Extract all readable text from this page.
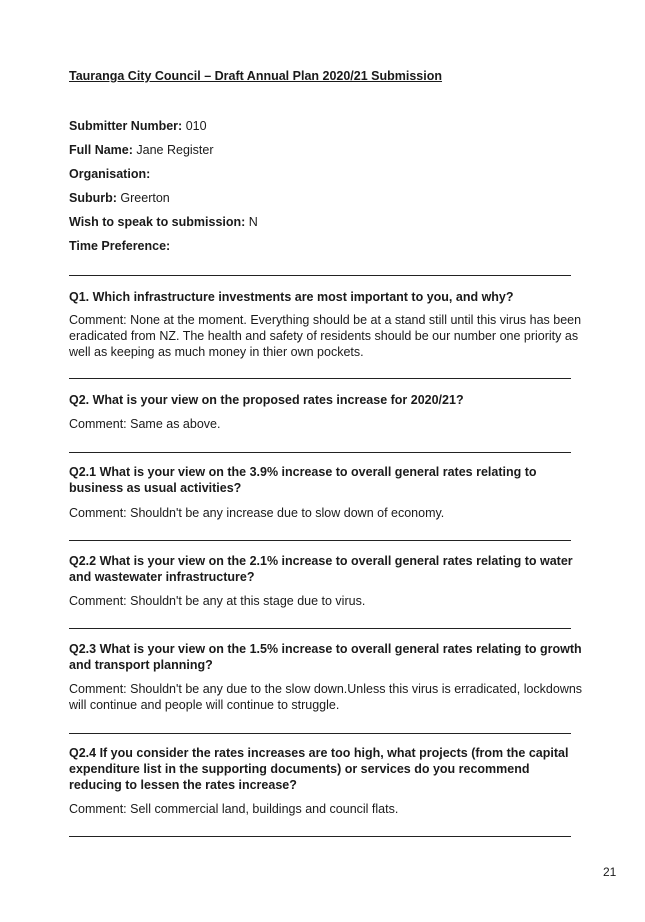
Tauranga City Council – Draft Annual Plan 2020/21 Submission
Submitter Number: 010
Full Name: Jane Register
Organisation:
Suburb: Greerton
Wish to speak to submission: N
Time Preference:
Q1. Which infrastructure investments are most important to you, and why?
Comment: None at the moment. Everything should be at a stand still until this virus has been eradicated from NZ. The health and safety of residents should be our number one priority as well as keeping as much money in thier own pockets.
Q2. What is your view on the proposed rates increase for 2020/21?
Comment: Same as above.
Q2.1 What is your view on the 3.9% increase to overall general rates relating to business as usual activities?
Comment: Shouldn't be any increase due to slow down of economy.
Q2.2 What is your view on the 2.1% increase to overall general rates relating to water and wastewater infrastructure?
Comment: Shouldn't be any at this stage due to virus.
Q2.3 What is your view on the 1.5% increase to overall general rates relating to growth and transport planning?
Comment: Shouldn't be any due to the slow down.Unless this virus is erradicated, lockdowns will continue and people will continue to struggle.
Q2.4 If you consider the rates increases are too high, what projects (from the capital expenditure list in the supporting documents) or services do you recommend reducing to lessen the rates increase?
Comment: Sell commercial land, buildings and council flats.
21
